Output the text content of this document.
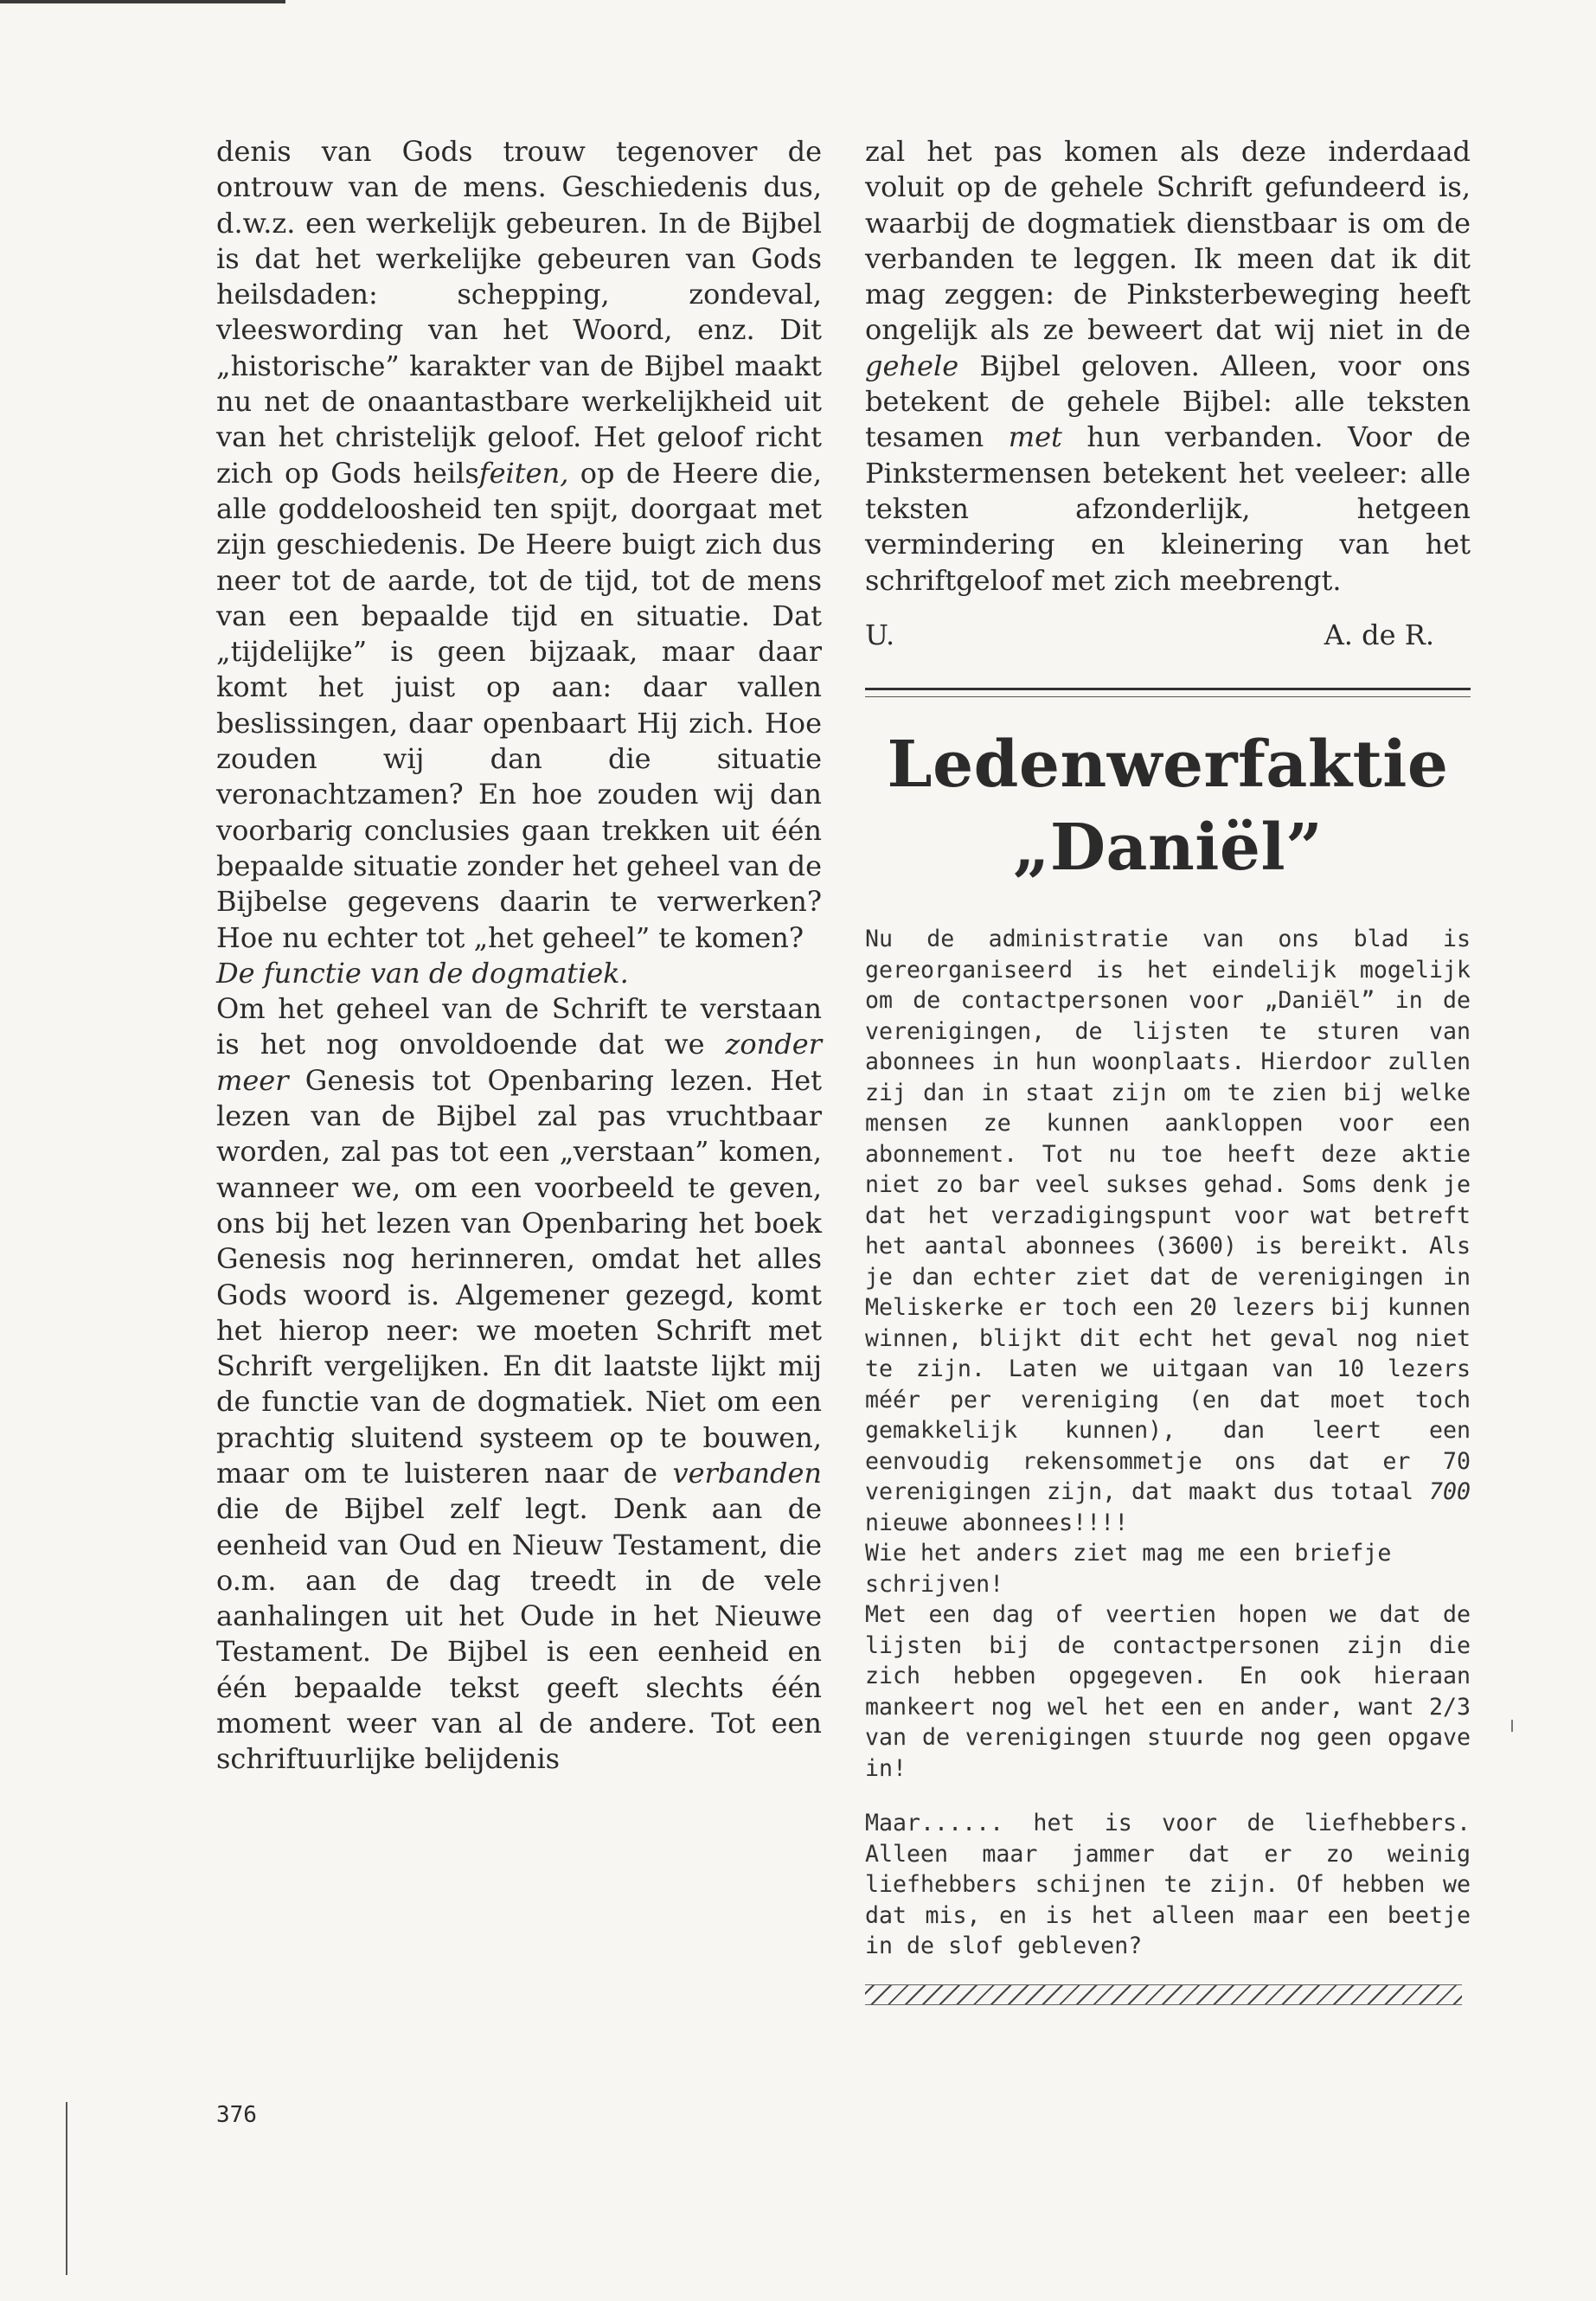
denis van Gods trouw tegenover de ontrouw van de mens. Geschiedenis dus, d.w.z. een werkelijk gebeuren. In de Bijbel is dat het werkelijke gebeuren van Gods heilsdaden: schepping, zondeval, vleeswording van het Woord, enz. Dit „historische” karakter van de Bijbel maakt nu net de onaantastbare werkelijkheid uit van het christelijk geloof. Het geloof richt zich op Gods heilsfeiten, op de Heere die, alle goddeloosheid ten spijt, doorgaat met zijn geschiedenis. De Heere buigt zich dus neer tot de aarde, tot de tijd, tot de mens van een bepaalde tijd en situatie. Dat „tijdelijke” is geen bijzaak, maar daar komt het juist op aan: daar vallen beslissingen, daar openbaart Hij zich. Hoe zouden wij dan die situatie veronachtzamen? En hoe zouden wij dan voorbarig conclusies gaan trekken uit één bepaalde situatie zonder het geheel van de Bijbelse gegevens daarin te verwerken? Hoe nu echter tot „het geheel” te komen?

De functie van de dogmatiek.

Om het geheel van de Schrift te verstaan is het nog onvoldoende dat we zonder meer Genesis tot Openbaring lezen. Het lezen van de Bijbel zal pas vruchtbaar worden, zal pas tot een „verstaan” komen, wanneer we, om een voorbeeld te geven, ons bij het lezen van Openbaring het boek Genesis nog herinneren, omdat het alles Gods woord is. Algemener gezegd, komt het hierop neer: we moeten Schrift met Schrift vergelijken. En dit laatste lijkt mij de functie van de dogmatiek. Niet om een prachtig sluitend systeem op te bouwen, maar om te luisteren naar de verbanden die de Bijbel zelf legt. Denk aan de eenheid van Oud en Nieuw Testament, die o.m. aan de dag treedt in de vele aanhalingen uit het Oude in het Nieuwe Testament. De Bijbel is een eenheid en één bepaalde tekst geeft slechts één moment weer van al de andere. Tot een schriftuurlijke belijdenis

zal het pas komen als deze inderdaad voluit op de gehele Schrift gefundeerd is, waarbij de dogmatiek dienstbaar is om de verbanden te leggen. Ik meen dat ik dit mag zeggen: de Pinksterbeweging heeft ongelijk als ze beweert dat wij niet in de gehele Bijbel geloven. Alleen, voor ons betekent de gehele Bijbel: alle teksten tesamen met hun verbanden. Voor de Pinkstermensen betekent het veeleer: alle teksten afzonderlijk, hetgeen vermindering en kleinering van het schriftgeloof met zich meebrengt.

U.	A. de R.
Ledenwerfaktie
„Daniël”

Nu de administratie van ons blad is gereorganiseerd is het eindelijk mogelijk om de contactpersonen voor „Daniël” in de verenigingen, de lijsten te sturen van abonnees in hun woonplaats. Hierdoor zullen zij dan in staat zijn om te zien bij welke mensen ze kunnen aankloppen voor een abonnement. Tot nu toe heeft deze aktie niet zo bar veel sukses gehad. Soms denk je dat het verzadigingspunt voor wat betreft het aantal abonnees (3600) is bereikt. Als je dan echter ziet dat de verenigingen in Meliskerke er toch een 20 lezers bij kunnen winnen, blijkt dit echt het geval nog niet te zijn. Laten we uitgaan van 10 lezers méér per vereniging (en dat moet toch gemakkelijk kunnen), dan leert een eenvoudig rekensommetje ons dat er 70 verenigingen zijn, dat maakt dus totaal 700 nieuwe abonnees!!!!

Wie het anders ziet mag me een briefje schrijven!

Met een dag of veertien hopen we dat de lijsten bij de contactpersonen zijn die zich hebben opgegeven. En ook hieraan mankeert nog wel het een en ander, want 2/3 van de verenigingen stuurde nog geen opgave in!

Maar...... het is voor de liefhebbers. Alleen maar jammer dat er zo weinig liefhebbers schijnen te zijn. Of hebben we dat mis, en is het alleen maar een beetje in de slof gebleven?

376
